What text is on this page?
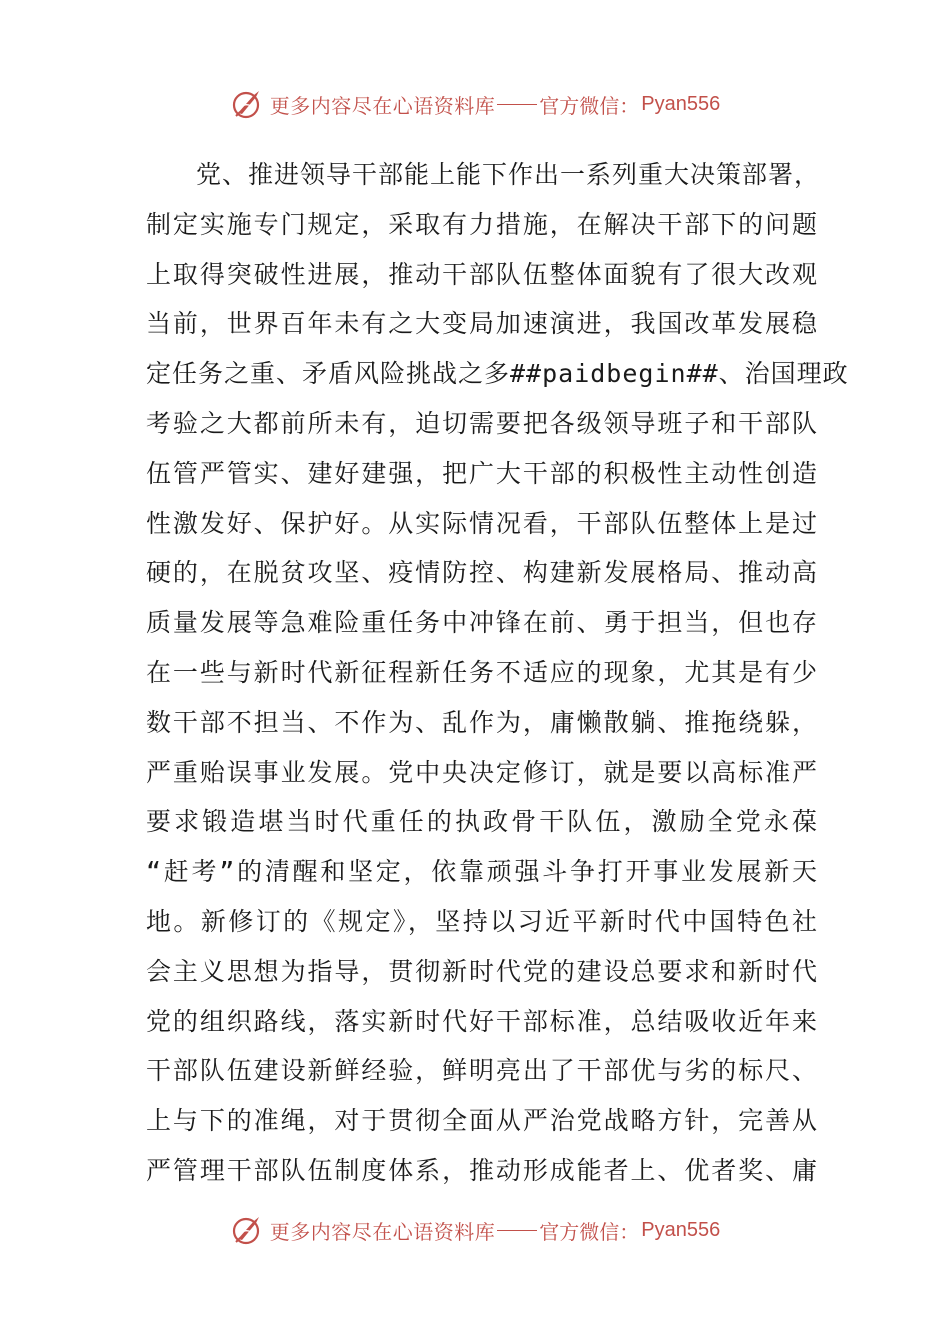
更多内容尽在心语资料库 官方微信： Pyan556
党、推进领导干部能上能下作出一系列重大决策部署，
制定实施专门规定，采取有力措施，在解决干部下的问题
上取得突破性进展，推动干部队伍整体面貌有了很大改观
当前，世界百年未有之大变局加速演进，我国改革发展稳
定任务之重、矛盾风险挑战之多##paidbegin##、治国理政
考验之大都前所未有，迫切需要把各级领导班子和干部队
伍管严管实、建好建强，把广大干部的积极性主动性创造
性激发好、保护好。从实际情况看，干部队伍整体上是过
硬的，在脱贫攻坚、疫情防控、构建新发展格局、推动高
质量发展等急难险重任务中冲锋在前、勇于担当，但也存
在一些与新时代新征程新任务不适应的现象，尤其是有少
数干部不担当、不作为、乱作为，庸懒散躺、推拖绕躲，
严重贻误事业发展。党中央决定修订，就是要以高标准严
要求锻造堪当时代重任的执政骨干队伍，激励全党永葆
“赶考”的清醒和坚定，依靠顽强斗争打开事业发展新天
地。新修订的《规定》，坚持以习近平新时代中国特色社
会主义思想为指导，贯彻新时代党的建设总要求和新时代
党的组织路线，落实新时代好干部标准，总结吸收近年来
干部队伍建设新鲜经验，鲜明亮出了干部优与劣的标尺、
上与下的准绳，对于贯彻全面从严治党战略方针，完善从
严管理干部队伍制度体系，推动形成能者上、优者奖、庸
更多内容尽在心语资料库 官方微信： Pyan556
